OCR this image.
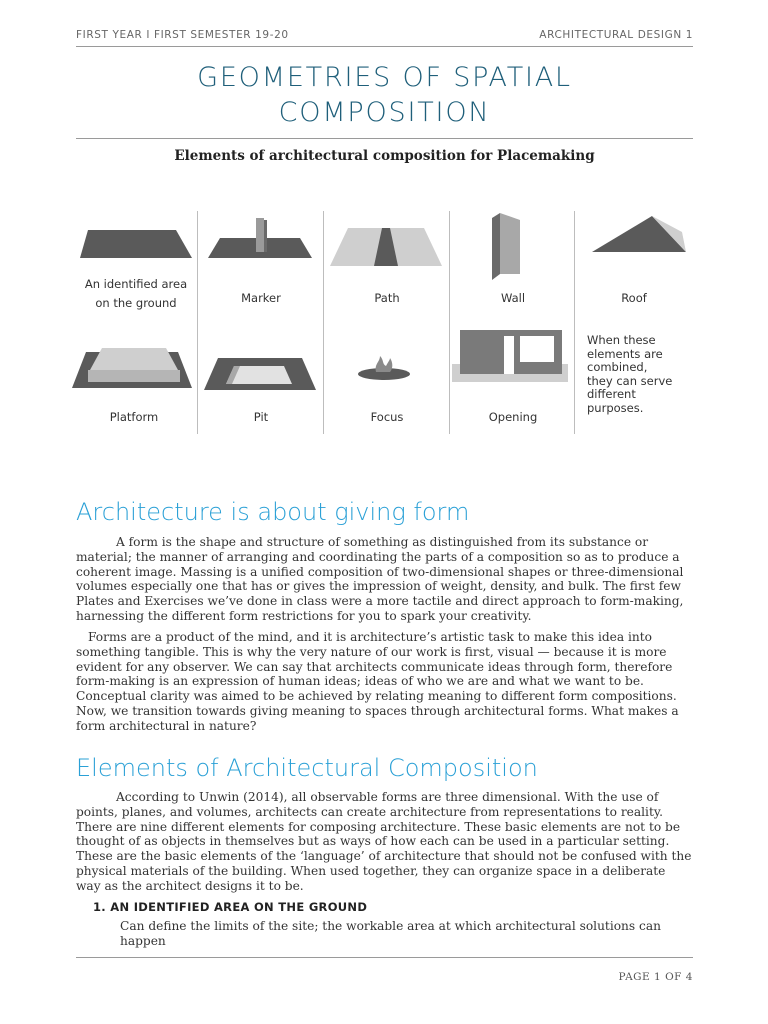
FIRST YEAR I FIRST SEMESTER 19-20	ARCHITECTURAL DESIGN 1
GEOMETRIES OF SPATIAL
COMPOSITION
Elements of architectural composition for Placemaking
An identified area
on the ground	Marker	Path	Wall	Roof
Platform	Pit	Focus	Opening
When these
elements are
combined,
they can serve
different
purposes.
Architecture is about giving form

A form is the shape and structure of something as distinguished from its substance or material; the manner of arranging and coordinating the parts of a composition so as to produce a coherent image. Massing is a unified composition of two-dimensional shapes or three-dimensional volumes especially one that has or gives the impression of weight, density, and bulk. The first few Plates and Exercises we’ve done in class were a more tactile and direct approach to form-making, harnessing the different form restrictions for you to spark your creativity.

Forms are a product of the mind, and it is architecture’s artistic task to make this idea into something tangible. This is why the very nature of our work is first, visual — because it is more evident for any observer. We can say that architects communicate ideas through form, therefore form-making is an expression of human ideas; ideas of who we are and what we want to be. Conceptual clarity was aimed to be achieved by relating meaning to different form compositions. Now, we transition towards giving meaning to spaces through architectural forms. What makes a form architectural in nature?

Elements of Architectural Composition

According to Unwin (2014), all observable forms are three dimensional. With the use of points, planes, and volumes, architects can create architecture from representations to reality. There are nine different elements for composing architecture. These basic elements are not to be thought of as objects in themselves but as ways of how each can be used in a particular setting. These are the basic elements of the ‘language’ of architecture that should not be confused with the physical materials of the building. When used together, they can organize space in a deliberate way as the architect designs it to be.

1. AN IDENTIFIED AREA ON THE GROUND

Can define the limits of the site; the workable area at which architectural solutions can happen

PAGE 1 OF 4
